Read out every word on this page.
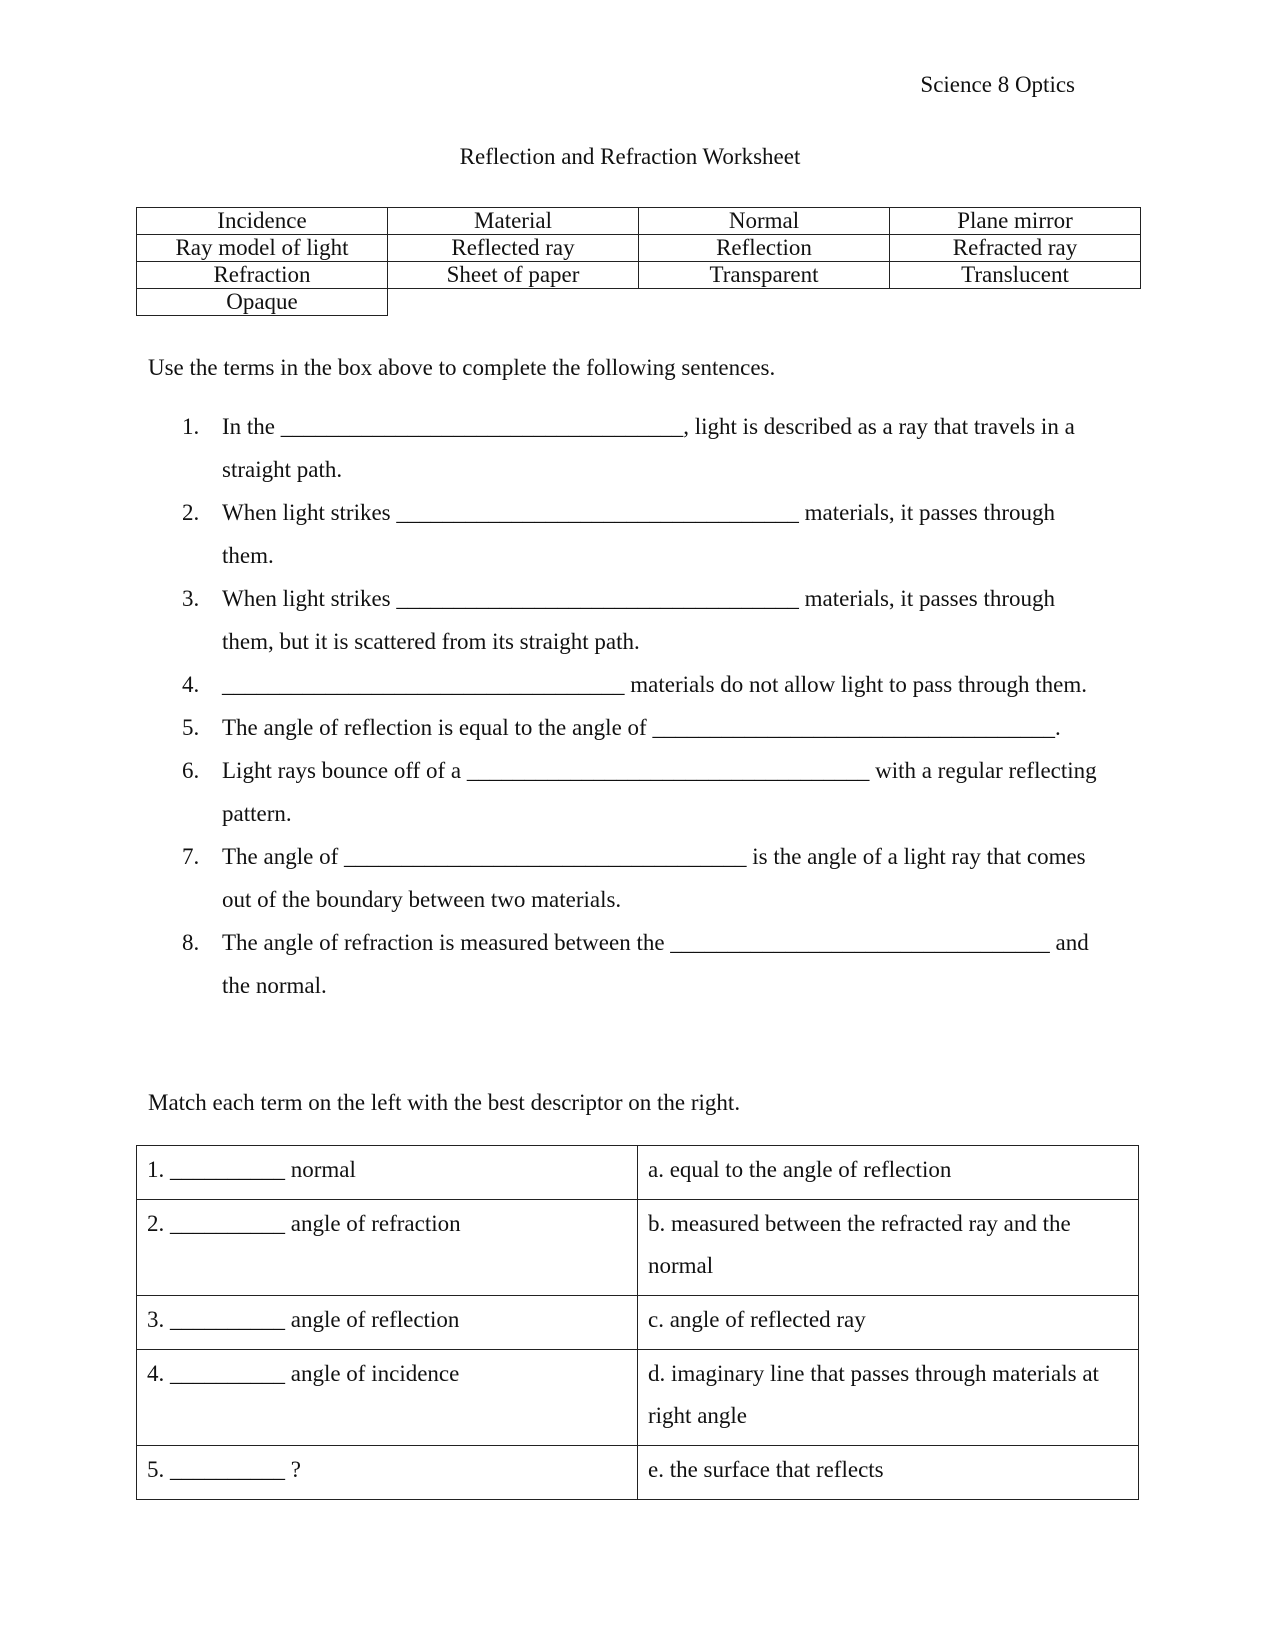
Science 8 Optics
Reflection and Refraction Worksheet
Incidence	Material	Normal	Plane mirror
Ray model of light	Reflected ray	Reflection	Refracted ray
Refraction	Sheet of paper	Transparent	Translucent
Opaque			
Use the terms in the box above to complete the following sentences.
1. In the ___________________________________, light is described as a ray that travels in a straight path.
2. When light strikes ___________________________________ materials, it passes through them.
3. When light strikes ___________________________________ materials, it passes through them, but it is scattered from its straight path.
4. ___________________________________ materials do not allow light to pass through them.
5. The angle of reflection is equal to the angle of ___________________________________.
6. Light rays bounce off of a ___________________________________ with a regular reflecting pattern.
7. The angle of ___________________________________ is the angle of a light ray that comes out of the boundary between two materials.
8. The angle of refraction is measured between the _________________________________ and the normal.
Match each term on the left with the best descriptor on the right.
1. __________ normal	a. equal to the angle of reflection
2. __________ angle of refraction	b. measured between the refracted ray and the normal
3. __________ angle of reflection	c. angle of reflected ray
4. __________ angle of incidence	d. imaginary line that passes through materials at right angle
5. __________ ?	e. the surface that reflects
